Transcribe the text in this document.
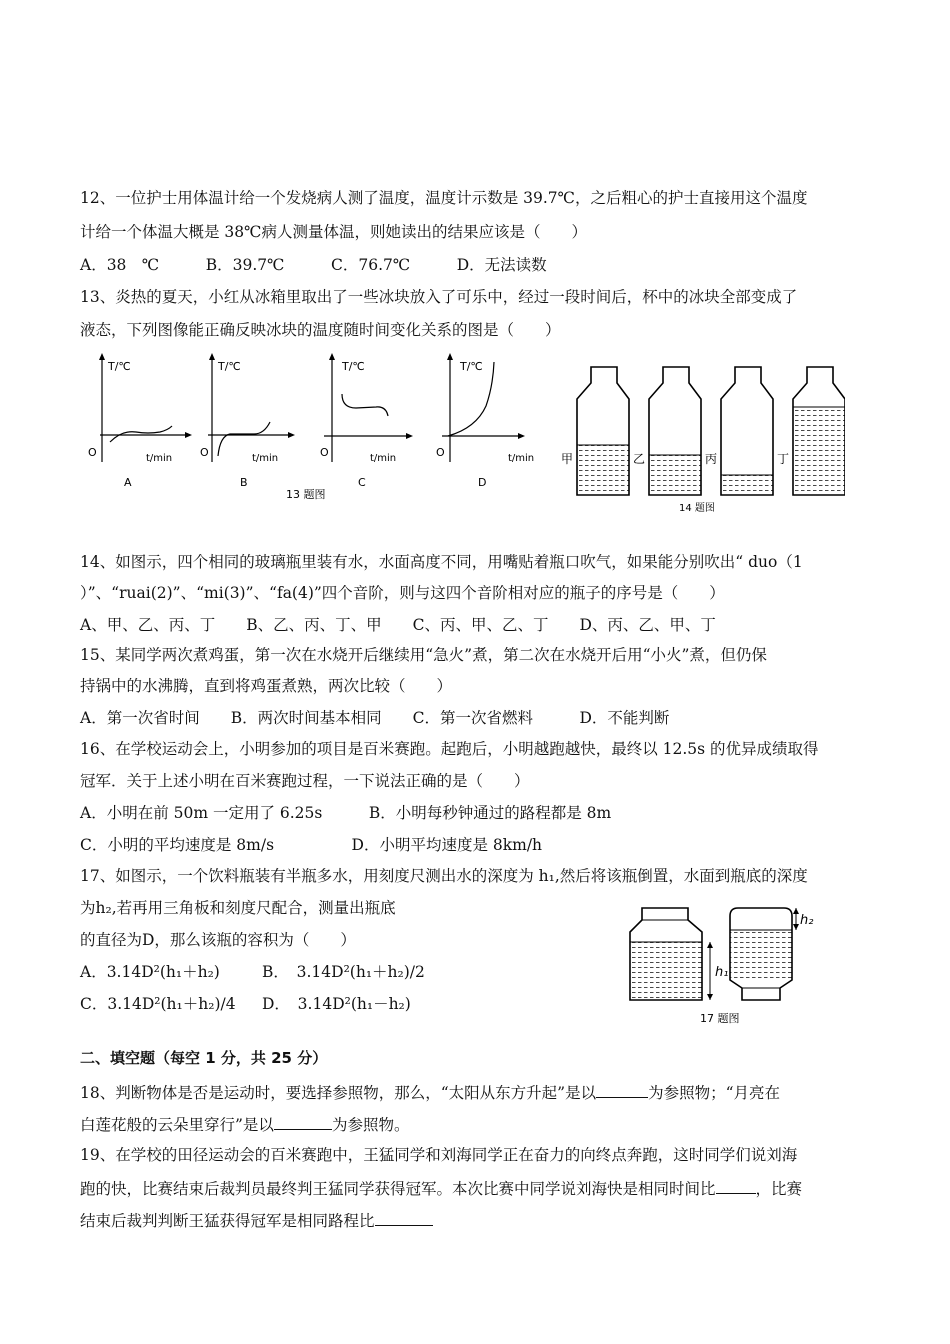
12、一位护士用体温计给一个发烧病人测了温度，温度计示数是 39.7℃，之后粗心的护士直接用这个温度
计给一个体温大概是 38℃病人测量体温，则她读出的结果应该是（　　）
A．38　℃　　　B．39.7℃　　　C．76.7℃　　　D．无法读数
13、炎热的夏天，小红从冰箱里取出了一些冰块放入了可乐中，经过一段时间后，杯中的冰块全部变成了
液态，下列图像能正确反映冰块的温度随时间变化关系的图是（　　）
T/℃
O	t/min
A
T/℃
O	t/min
B
T/℃
O	t/min
C
T/℃
O	t/min
D
13 题图
甲	乙	丙	丁
14 题图
14、如图示，四个相同的玻璃瓶里装有水，水面高度不同，用嘴贴着瓶口吹气，如果能分别吹出“ duo（1
）”、“ruai(2)”、“mi(3)”、“fa(4)”四个音阶，则与这四个音阶相对应的瓶子的序号是（　　）
A、甲、乙、丙、丁　　B、乙、丙、丁、甲　　C、丙、甲、乙、丁　　D、丙、乙、甲、丁
15、某同学两次煮鸡蛋，第一次在水烧开后继续用“急火”煮，第二次在水烧开后用“小火”煮，但仍保
持锅中的水沸腾，直到将鸡蛋煮熟，两次比较（　　）
A．第一次省时间　　B．两次时间基本相同　　C．第一次省燃料　　　D．不能判断
16、在学校运动会上，小明参加的项目是百米赛跑。起跑后，小明越跑越快，最终以 12.5s 的优异成绩取得
冠军．关于上述小明在百米赛跑过程，一下说法正确的是（　　）
A．小明在前 50m 一定用了 6.25s　　　B．小明每秒钟通过的路程都是 8m
C．小明的平均速度是 8m/s　　　　　D．小明平均速度是 8km/h
17、如图示，一个饮料瓶装有半瓶多水，用刻度尺测出水的深度为 h₁,然后将该瓶倒置，水面到瓶底的深度
为h₂,若再用三角板和刻度尺配合，测量出瓶底
的直径为D，那么该瓶的容积为（　　）
A．3.14D²(h₁＋h₂)	B．　3.14D²(h₁＋h₂)/2
C．3.14D²(h₁＋h₂)/4 D．　3.14D²(h₁－h₂)
h₁
h₂
17 题图
二、填空题（每空 1 分，共 25 分）
18、判断物体是否是运动时，要选择参照物，那么，“太阳从东方升起”是以	为参照物；“月亮在
白莲花般的云朵里穿行”是以	为参照物。
19、在学校的田径运动会的百米赛跑中，王猛同学和刘海同学正在奋力的向终点奔跑，这时同学们说刘海
跑的快，比赛结束后裁判员最终判王猛同学获得冠军。本次比赛中同学说刘海快是相同时间比	，比赛
结束后裁判判断王猛获得冠军是相同路程比
